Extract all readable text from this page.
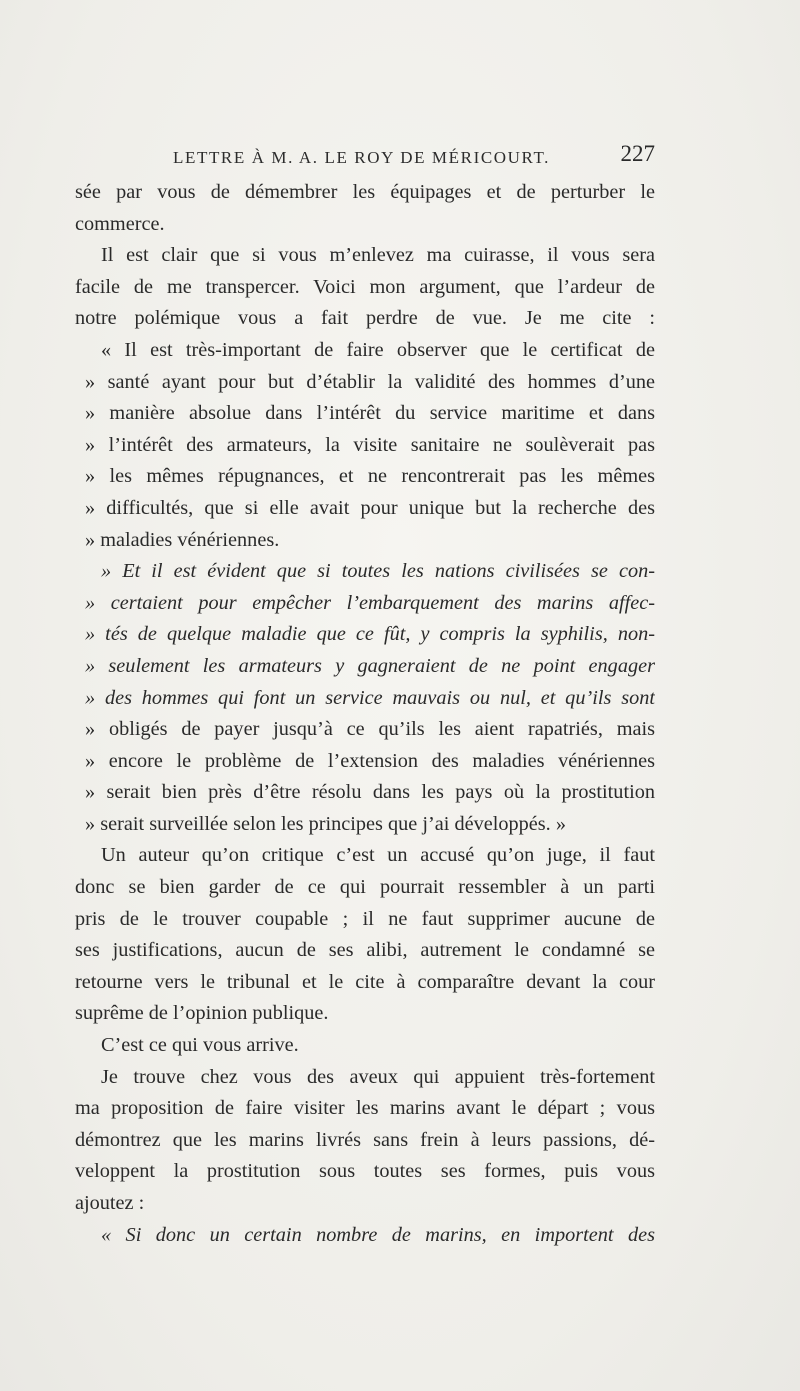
LETTRE À M. A. LE ROY DE MÉRICOURT.	227
sée par vous de démembrer les équipages et de perturber le
commerce.
Il est clair que si vous m’enlevez ma cuirasse, il vous sera
facile de me transpercer. Voici mon argument, que l’ardeur de
notre polémique vous a fait perdre de vue. Je me cite :
« Il est très-important de faire observer que le certificat de
» santé ayant pour but d’établir la validité des hommes d’une
» manière absolue dans l’intérêt du service maritime et dans
» l’intérêt des armateurs, la visite sanitaire ne soulèverait pas
» les mêmes répugnances, et ne rencontrerait pas les mêmes
» difficultés, que si elle avait pour unique but la recherche des
» maladies vénériennes.
» Et il est évident que si toutes les nations civilisées se con-
» certaient pour empêcher l’embarquement des marins affec-
» tés de quelque maladie que ce fût, y compris la syphilis, non-
» seulement les armateurs y gagneraient de ne point engager
» des hommes qui font un service mauvais ou nul, et qu’ils sont
» obligés de payer jusqu’à ce qu’ils les aient rapatriés, mais
» encore le problème de l’extension des maladies vénériennes
» serait bien près d’être résolu dans les pays où la prostitution
» serait surveillée selon les principes que j’ai développés. »
Un auteur qu’on critique c’est un accusé qu’on juge, il faut
donc se bien garder de ce qui pourrait ressembler à un parti
pris de le trouver coupable ; il ne faut supprimer aucune de
ses justifications, aucun de ses alibi, autrement le condamné se
retourne vers le tribunal et le cite à comparaître devant la cour
suprême de l’opinion publique.
C’est ce qui vous arrive.
Je trouve chez vous des aveux qui appuient très-fortement
ma proposition de faire visiter les marins avant le départ ; vous
démontrez que les marins livrés sans frein à leurs passions, dé-
veloppent la prostitution sous toutes ses formes, puis vous
ajoutez :
« Si donc un certain nombre de marins, en importent des
